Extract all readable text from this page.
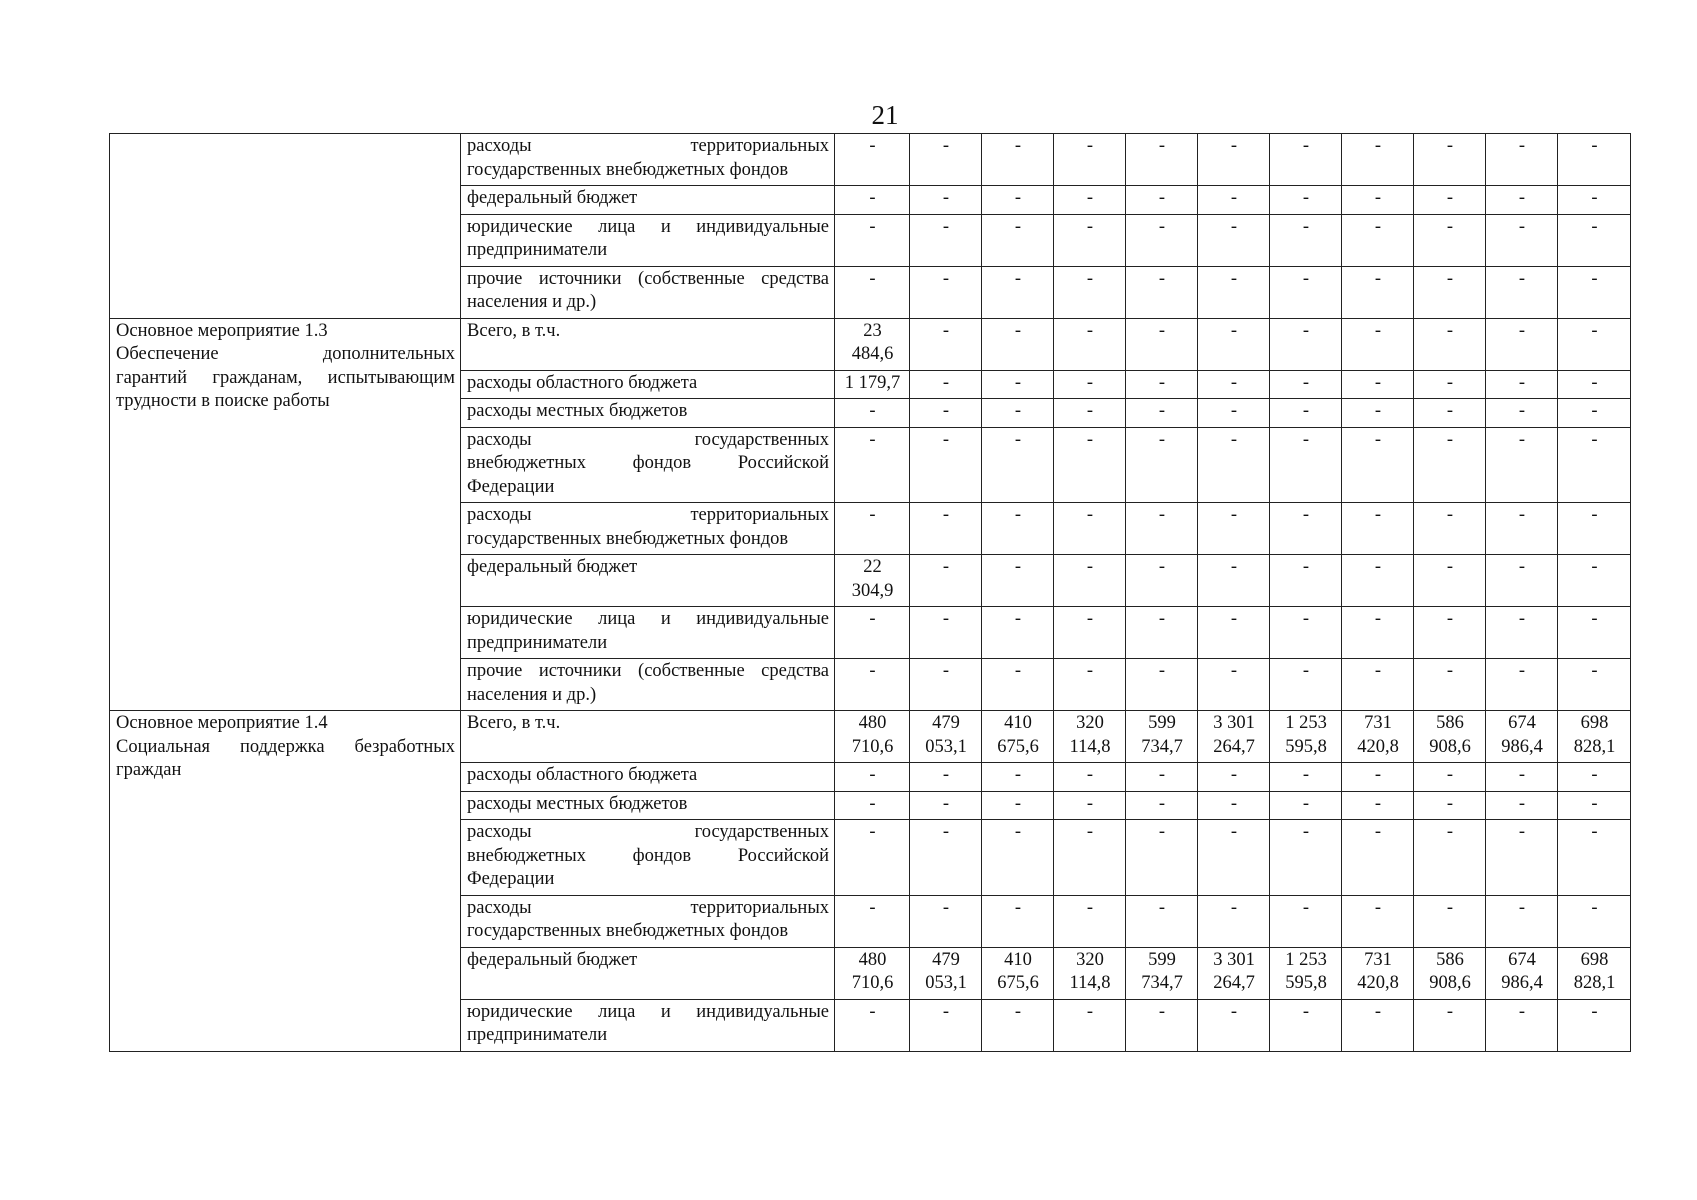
21

	расходы территориальных
государственных внебюджетных фондов	-	-	-	-	-	-	-	-	-	-	-

	федеральный бюджет	-	-	-	-	-	-	-	-	-	-	-

	юридические лица и индивидуальные
предприниматели	-	-	-	-	-	-	-	-	-	-	-

	прочие источники (собственные средства
населения и др.)	-	-	-	-	-	-	-	-	-	-	-

Основное мероприятие 1.3
Обеспечение дополнительных
гарантий гражданам, испытывающим
трудности в поиске работы	Всего, в т.ч.	23 484,6	-	-	-	-	-	-	-	-	-	-

	расходы областного бюджета	1 179,7	-	-	-	-	-	-	-	-	-	-

	расходы местных бюджетов	-	-	-	-	-	-	-	-	-	-	-

	расходы государственных
внебюджетных фондов Российской
Федерации	-	-	-	-	-	-	-	-	-	-	-

	расходы территориальных
государственных внебюджетных фондов	-	-	-	-	-	-	-	-	-	-	-

	федеральный бюджет	22 304,9	-	-	-	-	-	-	-	-	-	-

	юридические лица и индивидуальные
предприниматели	-	-	-	-	-	-	-	-	-	-	-

	прочие источники (собственные средства
населения и др.)	-	-	-	-	-	-	-	-	-	-	-

Основное мероприятие 1.4
Социальная поддержка безработных
граждан	Всего, в т.ч.	480 710,6	479 053,1	410 675,6	320 114,8	599 734,7	3 301 264,7	1 253 595,8	731 420,8	586 908,6	674 986,4	698 828,1

	расходы областного бюджета	-	-	-	-	-	-	-	-	-	-	-

	расходы местных бюджетов	-	-	-	-	-	-	-	-	-	-	-

	расходы государственных
внебюджетных фондов Российской
Федерации	-	-	-	-	-	-	-	-	-	-	-

	расходы территориальных
государственных внебюджетных фондов	-	-	-	-	-	-	-	-	-	-	-

	федеральный бюджет	480 710,6	479 053,1	410 675,6	320 114,8	599 734,7	3 301 264,7	1 253 595,8	731 420,8	586 908,6	674 986,4	698 828,1

	юридические лица и индивидуальные
предприниматели	-	-	-	-	-	-	-	-	-	-	-
